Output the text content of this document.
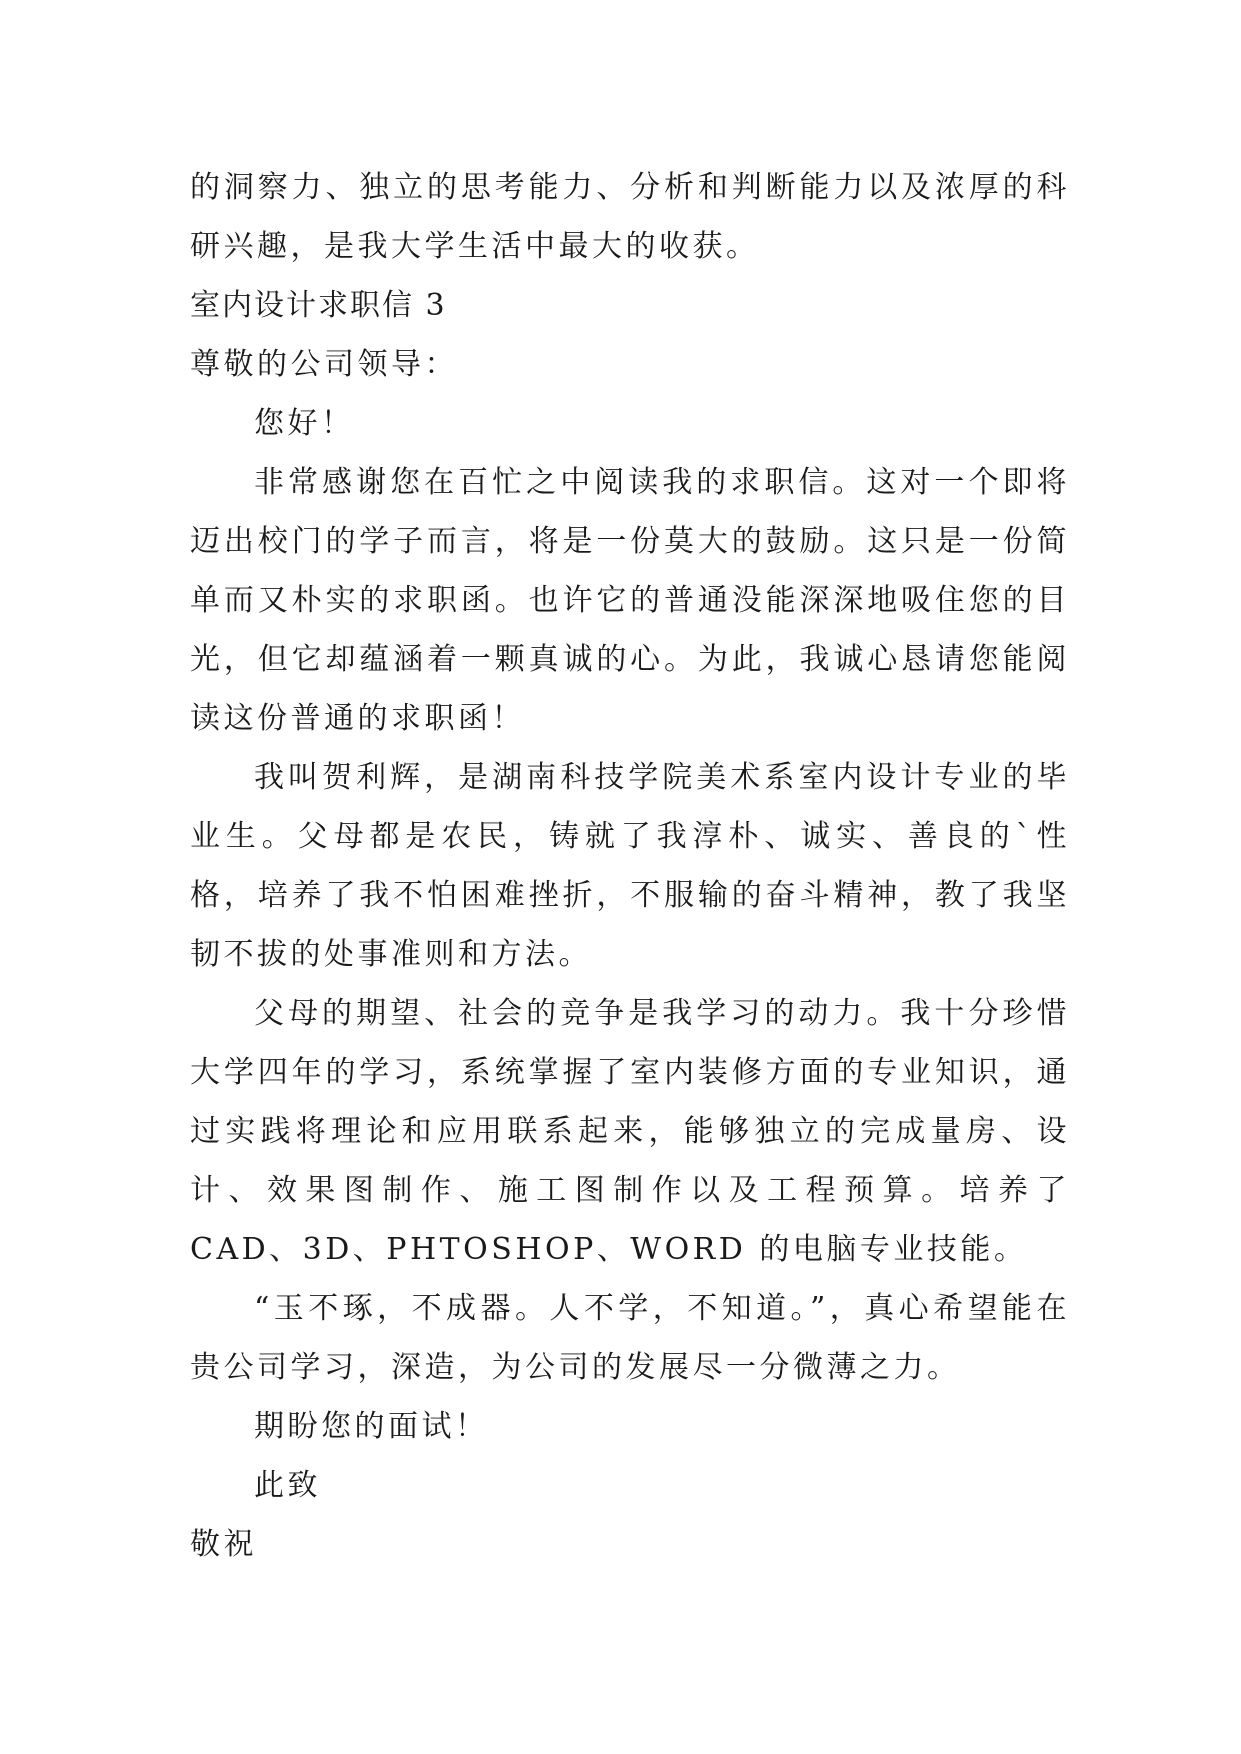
的洞察力、独立的思考能力、分析和判断能力以及浓厚的科研兴趣，是我大学生活中最大的收获。

室内设计求职信 3

尊敬的公司领导：

您好！

非常感谢您在百忙之中阅读我的求职信。这对一个即将迈出校门的学子而言，将是一份莫大的鼓励。这只是一份简单而又朴实的求职函。也许它的普通没能深深地吸住您的目光，但它却蕴涵着一颗真诚的心。为此，我诚心恳请您能阅读这份普通的求职函！

我叫贺利辉，是湖南科技学院美术系室内设计专业的毕业生。父母都是农民，铸就了我淳朴、诚实、善良的`性格，培养了我不怕困难挫折，不服输的奋斗精神，教了我坚韧不拔的处事准则和方法。

父母的期望、社会的竞争是我学习的动力。我十分珍惜大学四年的学习，系统掌握了室内装修方面的专业知识，通过实践将理论和应用联系起来，能够独立的完成量房、设计、效果图制作、施工图制作以及工程预算。培养了 CAD、3D、PHTOSHOP、WORD 的电脑专业技能。

“玉不琢，不成器。人不学，不知道。”，真心希望能在贵公司学习，深造，为公司的发展尽一分微薄之力。

期盼您的面试！

此致

敬祝
